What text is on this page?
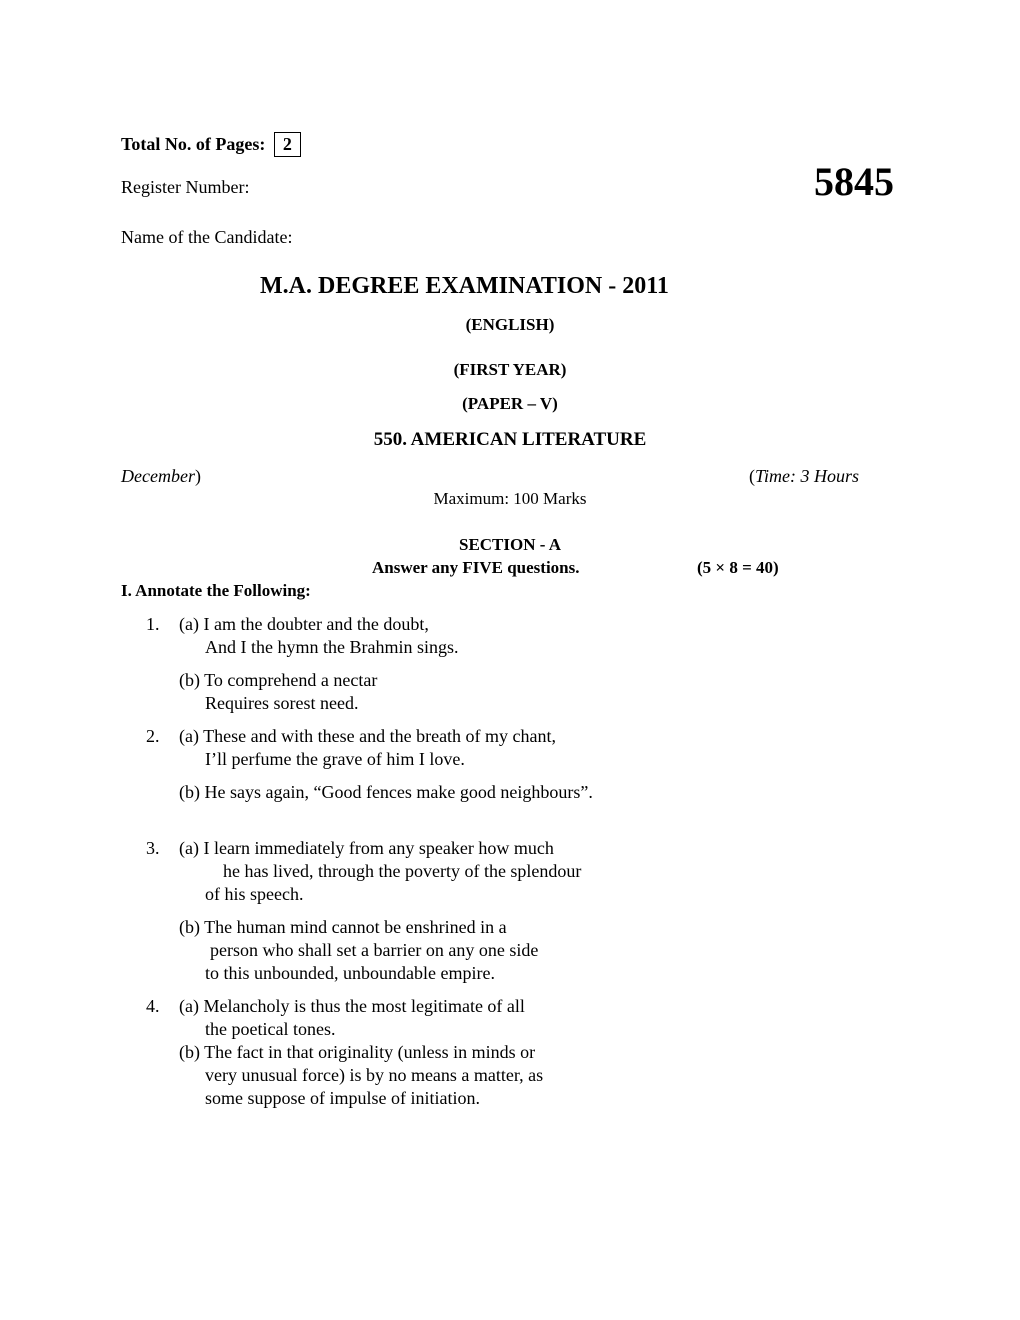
Total No. of Pages: 2
Register Number:	5845
Name of the Candidate:
M.A. DEGREE EXAMINATION - 2011
(ENGLISH)
(FIRST YEAR)
(PAPER – V)
550. AMERICAN LITERATURE
December)	(Time: 3 Hours
Maximum: 100 Marks
SECTION - A
Answer any FIVE questions.	(5 × 8 = 40)
I. Annotate the Following:
1. (a) I am the doubter and the doubt,
And I the hymn the Brahmin sings.
(b) To comprehend a nectar
Requires sorest need.
2. (a) These and with these and the breath of my chant,
I’ll perfume the grave of him I love.
(b) He says again, “Good fences make good neighbours”.
3. (a) I learn immediately from any speaker how much
he has lived, through the poverty of the splendour
of his speech.
(b) The human mind cannot be enshrined in a
person who shall set a barrier on any one side
to this unbounded, unboundable empire.
4. (a) Melancholy is thus the most legitimate of all
the poetical tones.
(b) The fact in that originality (unless in minds or
very unusual force) is by no means a matter, as
some suppose of impulse of initiation.
